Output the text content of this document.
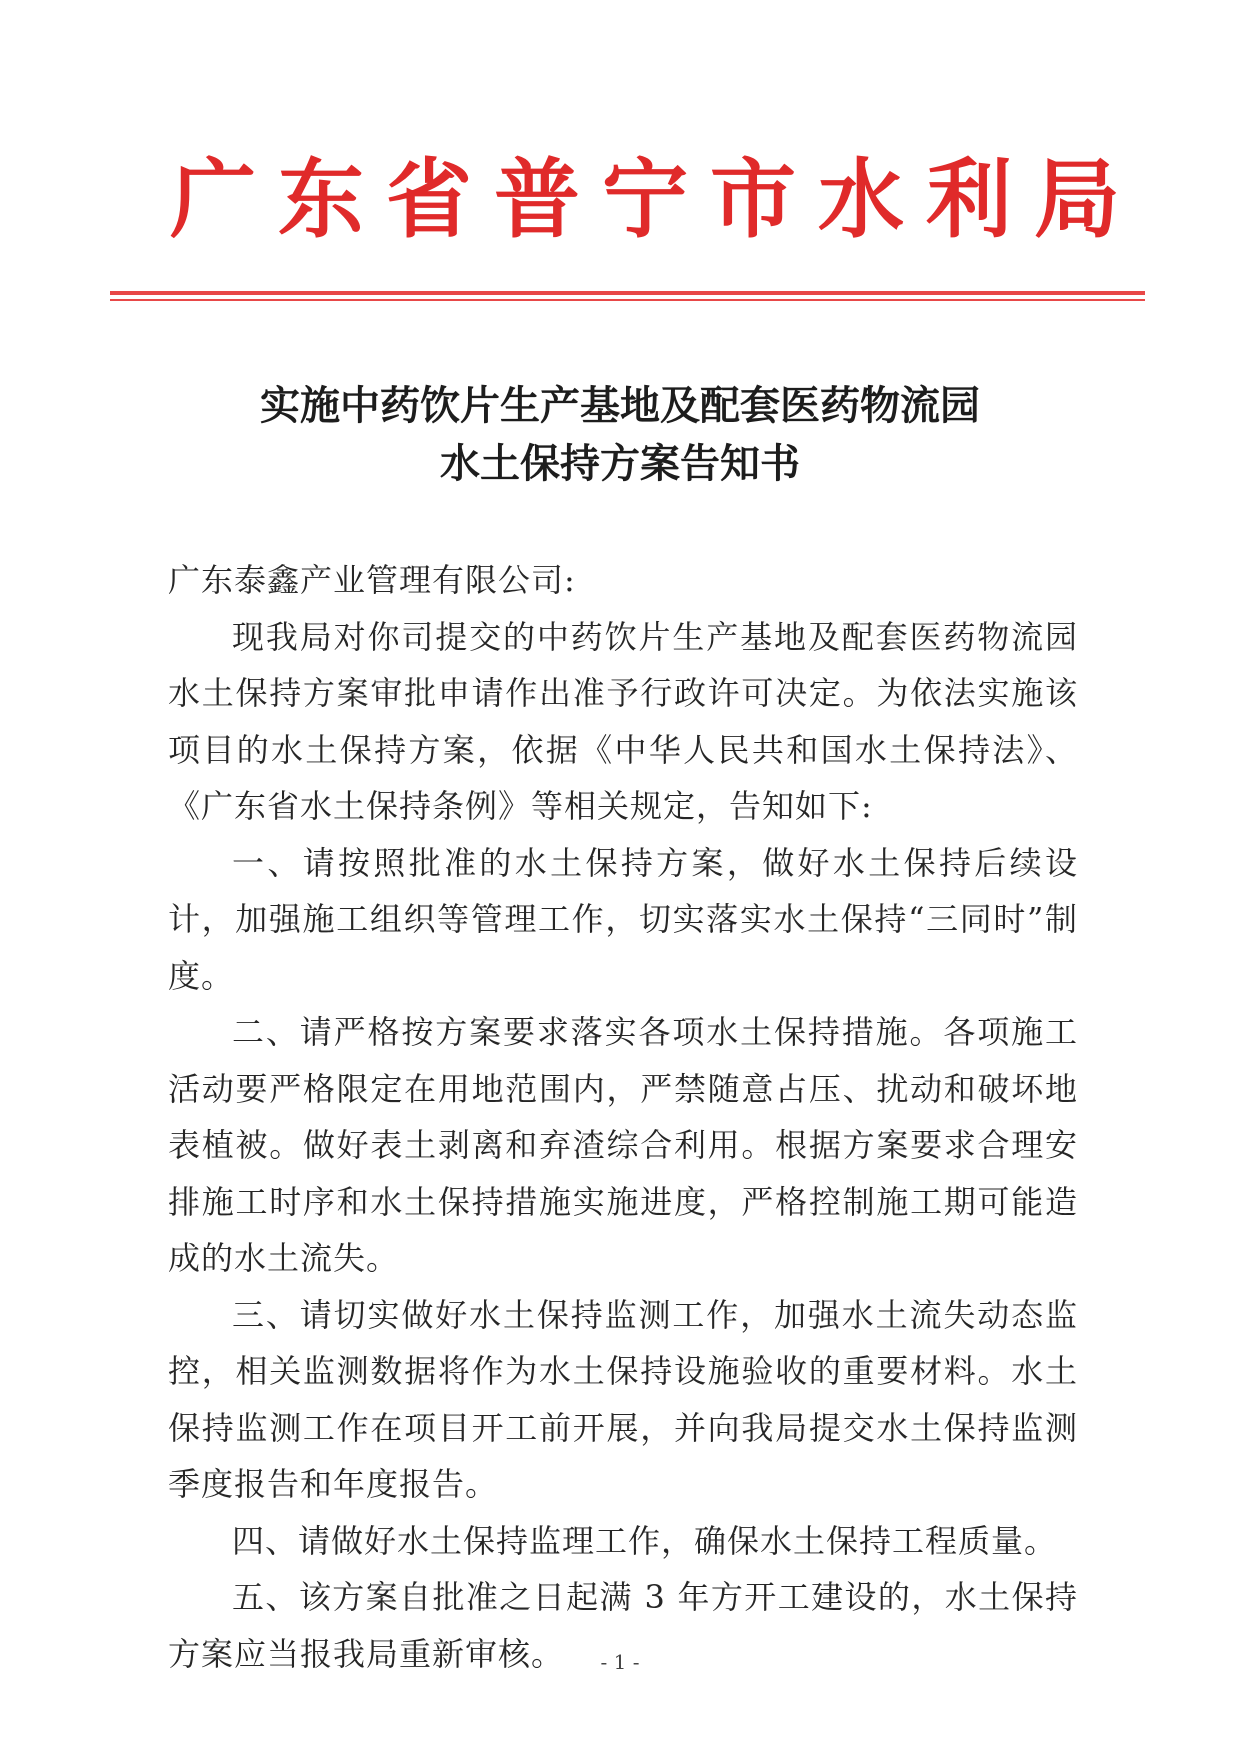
广东省普宁市水利局
实施中药饮片生产基地及配套医药物流园
水土保持方案告知书

广东泰鑫产业管理有限公司:

现我局对你司提交的中药饮片生产基地及配套医药物流园水土保持方案审批申请作出准予行政许可决定。为依法实施该项目的水土保持方案，依据《中华人民共和国水土保持法》、《广东省水土保持条例》等相关规定，告知如下:

一、请按照批准的水土保持方案，做好水土保持后续设计，加强施工组织等管理工作，切实落实水土保持“三同时”制度。

二、请严格按方案要求落实各项水土保持措施。各项施工活动要严格限定在用地范围内，严禁随意占压、扰动和破坏地表植被。做好表土剥离和弃渣综合利用。根据方案要求合理安排施工时序和水土保持措施实施进度，严格控制施工期可能造成的水土流失。

三、请切实做好水土保持监测工作，加强水土流失动态监控，相关监测数据将作为水土保持设施验收的重要材料。水土保持监测工作在项目开工前开展，并向我局提交水土保持监测季度报告和年度报告。

四、请做好水土保持监理工作，确保水土保持工程质量。

五、该方案自批准之日起满 3 年方开工建设的，水土保持方案应当报我局重新审核。	- 1 -
